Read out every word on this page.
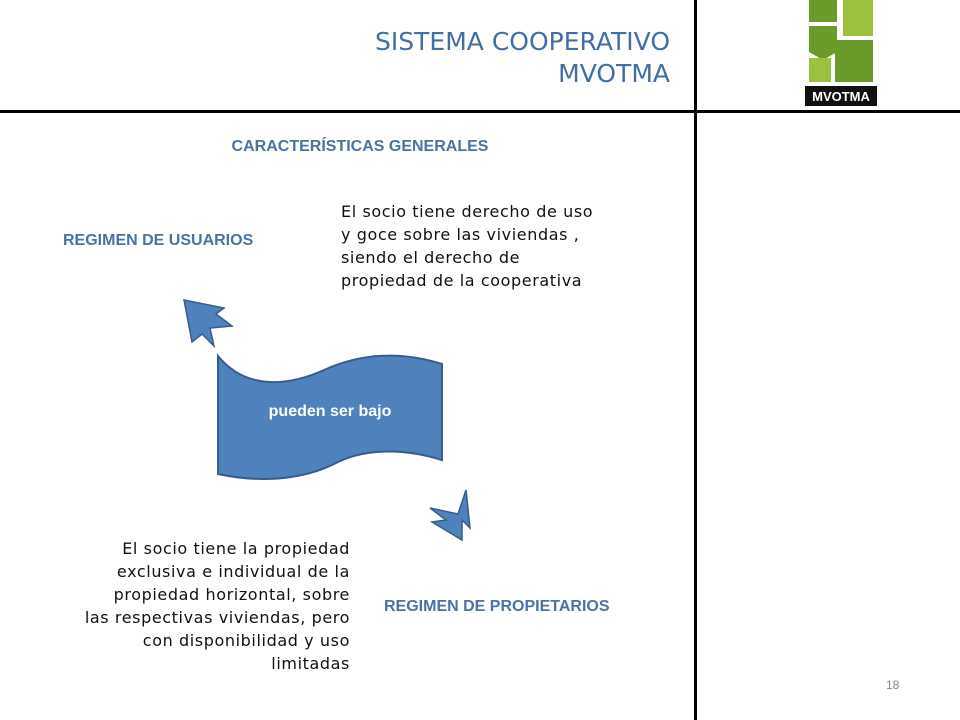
SISTEMA COOPERATIVO
MVOTMA
MVOTMA
CARACTERÍSTICAS GENERALES
REGIMEN DE USUARIOS
El socio tiene derecho de uso
y goce sobre las viviendas ,
siendo el derecho de
propiedad de la cooperativa
pueden ser bajo
El socio tiene la propiedad
exclusiva e individual de la
propiedad horizontal, sobre
las respectivas viviendas, pero
con disponibilidad y uso
limitadas
REGIMEN DE PROPIETARIOS
18
